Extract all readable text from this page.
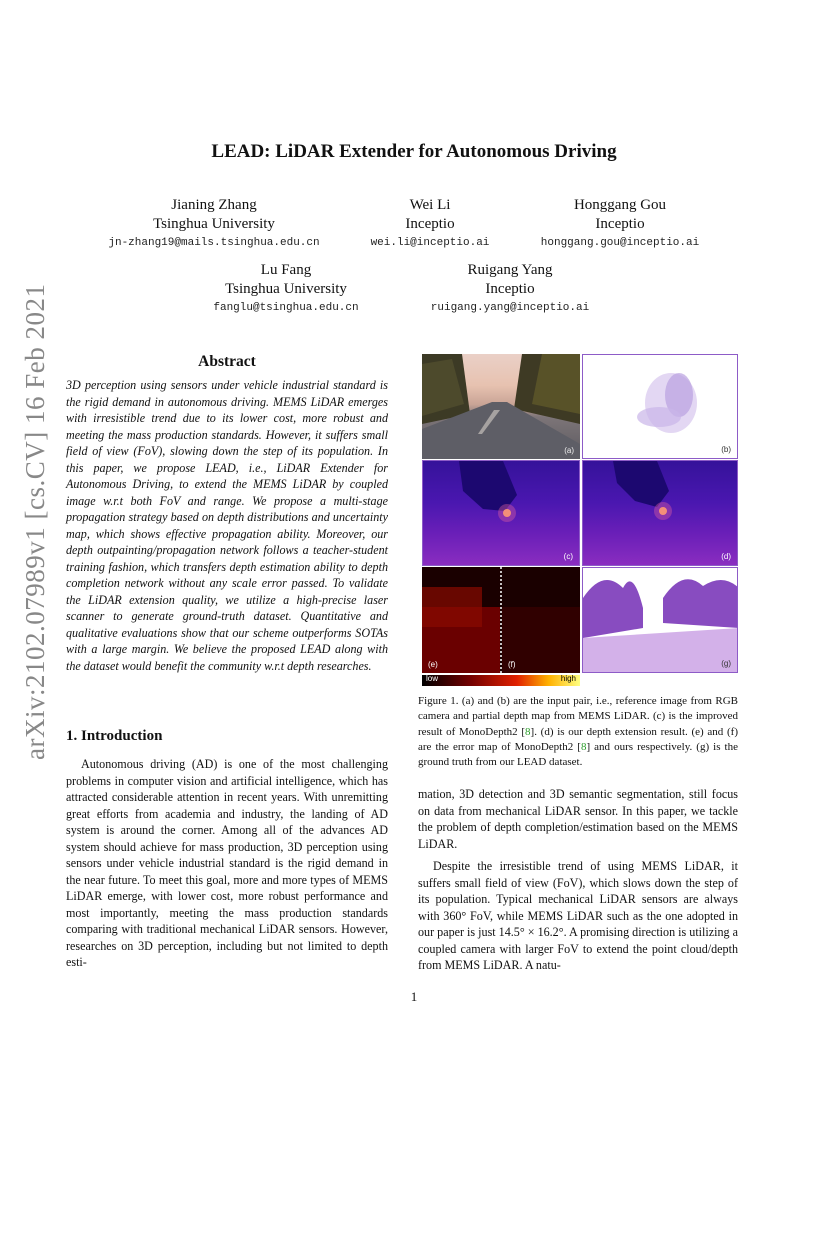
arXiv:2102.07989v1 [cs.CV] 16 Feb 2021
LEAD: LiDAR Extender for Autonomous Driving
Jianing Zhang
Tsinghua University
Wei Li
Inceptio
Honggang Gou
Inceptio
jn-zhang19@mails.tsinghua.edu.cn	wei.li@inceptio.ai	honggang.gou@inceptio.ai
Lu Fang
Tsinghua University
Ruigang Yang
Inceptio
fanglu@tsinghua.edu.cn	ruigang.yang@inceptio.ai
Abstract
3D perception using sensors under vehicle industrial standard is the rigid demand in autonomous driving. MEMS LiDAR emerges with irresistible trend due to its lower cost, more robust and meeting the mass production standards. However, it suffers small field of view (FoV), slowing down the step of its population. In this paper, we propose LEAD, i.e., LiDAR Extender for Autonomous Driving, to extend the MEMS LiDAR by coupled image w.r.t both FoV and range. We propose a multi-stage propagation strategy based on depth distributions and uncertainty map, which shows effective propagation ability. Moreover, our depth outpainting/propagation network follows a teacher-student training fashion, which transfers depth estimation ability to depth completion network without any scale error passed. To validate the LiDAR extension quality, we utilize a high-precise laser scanner to generate ground-truth dataset. Quantitative and qualitative evaluations show that our scheme outperforms SOTAs with a large margin. We believe the proposed LEAD along with the dataset would benefit the community w.r.t depth researches.
1. Introduction

Autonomous driving (AD) is one of the most challenging problems in computer vision and artificial intelligence, which has attracted considerable attention in recent years. With unremitting great efforts from academia and industry, the landing of AD system is around the corner. Among all of the advances AD system should achieve for mass production, 3D perception using sensors under vehicle industrial standard is the rigid demand in the near future. To meet this goal, more and more types of MEMS LiDAR emerge, with lower cost, more robust performance and most importantly, meeting the mass production standards comparing with traditional mechanical LiDAR sensors. However, researches on 3D perception, including but not limited to depth esti-

(a)	(b)
(c)	(d)
(e)	(f)	(g)
low	high
Figure 1. (a) and (b) are the input pair, i.e., reference image from RGB camera and partial depth map from MEMS LiDAR. (c) is the improved result of MonoDepth2 [8]. (d) is our depth extension result. (e) and (f) are the error map of MonoDepth2 [8] and ours respectively. (g) is the ground truth from our LEAD dataset.

mation, 3D detection and 3D semantic segmentation, still focus on data from mechanical LiDAR sensor. In this paper, we tackle the problem of depth completion/estimation based on the MEMS LiDAR.

Despite the irresistible trend of using MEMS LiDAR, it suffers small field of view (FoV), which slows down the step of its population. Typical mechanical LiDAR sensors are always with 360° FoV, while MEMS LiDAR such as the one adopted in our paper is just 14.5° × 16.2°. A promising direction is utilizing a coupled camera with larger FoV to extend the point cloud/depth from MEMS LiDAR. A natu-

1
